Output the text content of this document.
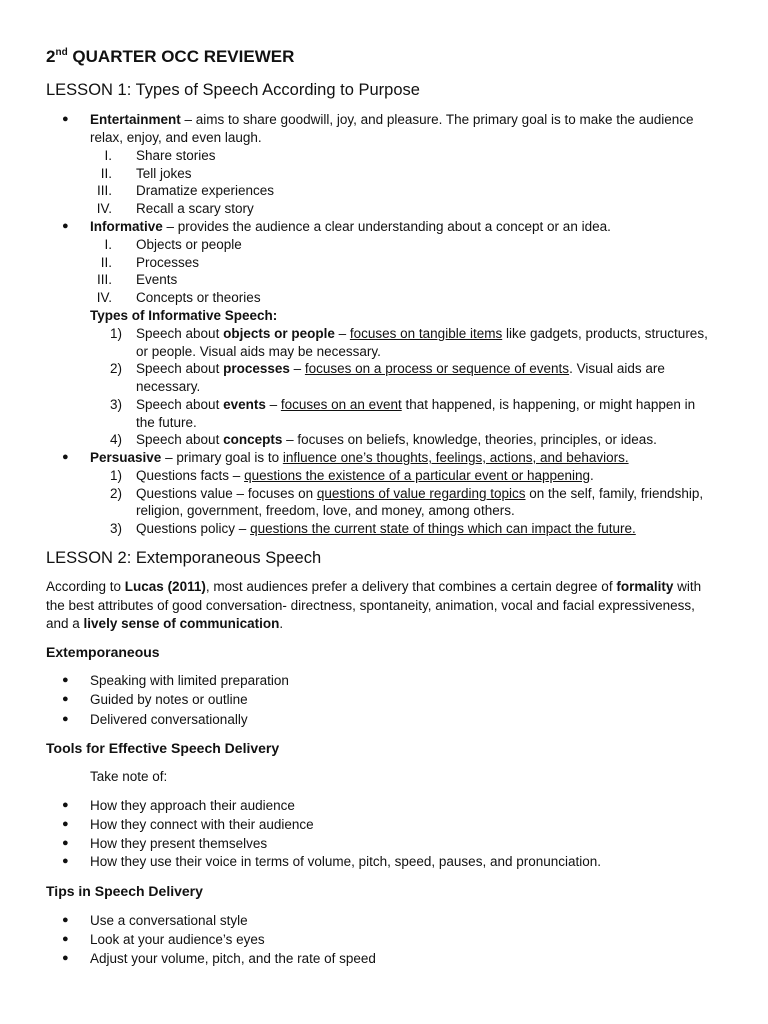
2nd QUARTER OCC REVIEWER
LESSON 1: Types of Speech According to Purpose
● Entertainment – aims to share goodwill, joy, and pleasure. The primary goal is to make the audience
relax, enjoy, and even laugh.
I. Share stories
II. Tell jokes
III. Dramatize experiences
IV. Recall a scary story
● Informative – provides the audience a clear understanding about a concept or an idea.
I. Objects or people
II. Processes
III. Events
IV. Concepts or theories
Types of Informative Speech:
1)	Speech about objects or people – focuses on tangible items like gadgets, products, structures,
or people. Visual aids may be necessary.
2)	Speech about processes – focuses on a process or sequence of events. Visual aids are
necessary.
3)	Speech about events – focuses on an event that happened, is happening, or might happen in
the future.
4)	Speech about concepts – focuses on beliefs, knowledge, theories, principles, or ideas.
● Persuasive – primary goal is to influence one’s thoughts, feelings, actions, and behaviors.
1)	Questions facts – questions the existence of a particular event or happening.
2)	Questions value – focuses on questions of value regarding topics on the self, family, friendship,
religion, government, freedom, love, and money, among others.
3)	Questions policy – questions the current state of things which can impact the future.
LESSON 2: Extemporaneous Speech

According to Lucas (2011), most audiences prefer a delivery that combines a certain degree of formality with

the best attributes of good conversation- directness, spontaneity, animation, vocal and facial expressiveness,

and a lively sense of communication.

Extemporaneous
● Speaking with limited preparation
● Guided by notes or outline
● Delivered conversationally
Tools for Effective Speech Delivery
Take note of:
● How they approach their audience
● How they connect with their audience
● How they present themselves
● How they use their voice in terms of volume, pitch, speed, pauses, and pronunciation.
Tips in Speech Delivery
● Use a conversational style
● Look at your audience’s eyes
● Adjust your volume, pitch, and the rate of speed
